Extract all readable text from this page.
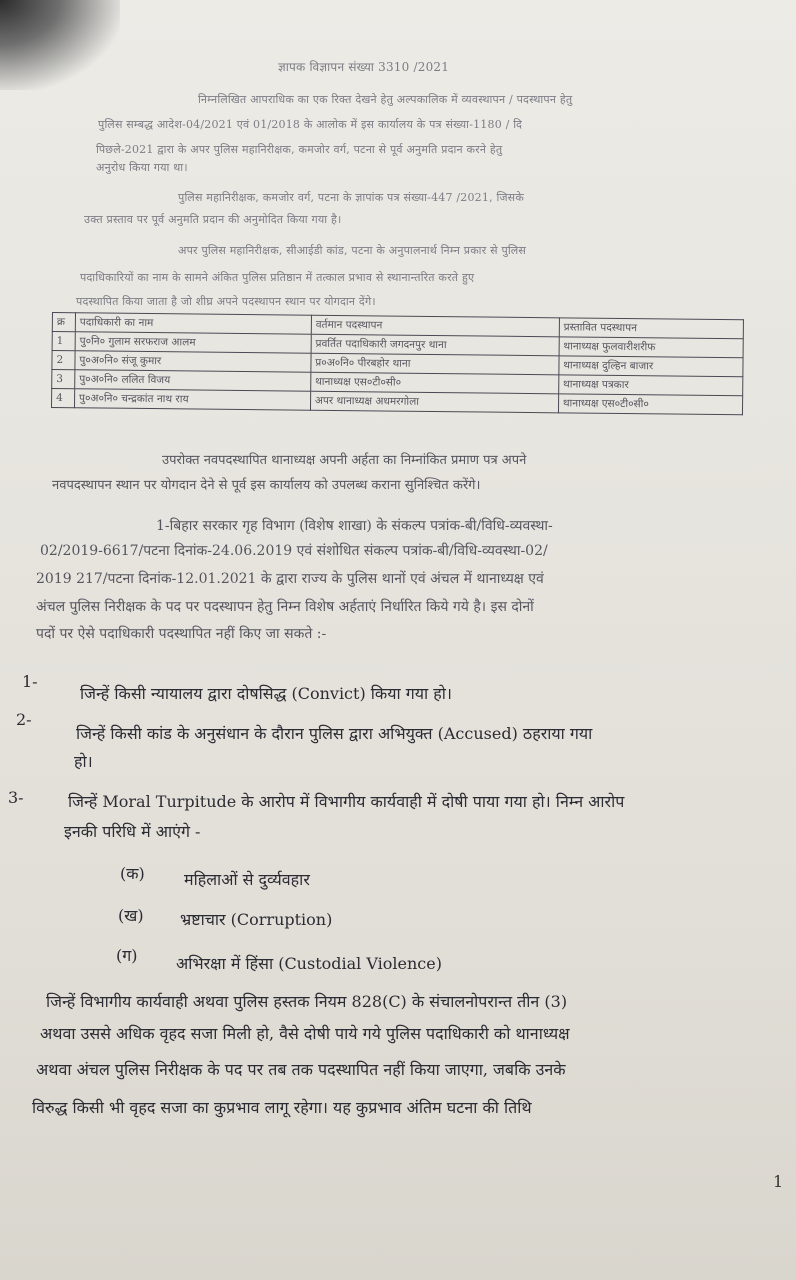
ज्ञापक विज्ञापन संख्या 3310 /2021
निम्नलिखित आपराधिक का एक रिक्त देखने हेतु अल्पकालिक में व्यवस्थापन / पदस्थापन हेतु
पुलिस सम्बद्ध आदेश-04/2021 एवं 01/2018 के आलोक में इस कार्यालय के पत्र संख्या-1180 / दि
पिछले-2021 द्वारा के अपर पुलिस महानिरीक्षक, कमजोर वर्ग, पटना से पूर्व अनुमति प्रदान करने हेतु
अनुरोध किया गया था।
पुलिस महानिरीक्षक, कमजोर वर्ग, पटना के ज्ञापांक पत्र संख्या-447 /2021, जिसके
उक्त प्रस्ताव पर पूर्व अनुमति प्रदान की अनुमोदित किया गया है।
अपर पुलिस महानिरीक्षक, सीआईडी कांड, पटना के अनुपालनार्थ निम्न प्रकार से पुलिस
पदाधिकारियों का नाम के सामने अंकित पुलिस प्रतिष्ठान में तत्काल प्रभाव से स्थानान्तरित करते हुए
पदस्थापित किया जाता है जो शीघ्र अपने पदस्थापन स्थान पर योगदान देंगे।
क्र	पदाधिकारी का नाम	वर्तमान पदस्थापन	प्रस्तावित पदस्थापन
1	पु०नि० गुलाम सरफराज आलम	प्रवर्तित पदाधिकारी जगदनपुर थाना	थानाध्यक्ष फुलवारीशरीफ
2	पु०अ०नि० संजू कुमार	प्र०अ०नि० पीरबहोर थाना	थानाध्यक्ष दुल्हिन बाजार
3	पु०अ०नि० ललित विजय	थानाध्यक्ष एस०टी०सी०	थानाध्यक्ष पत्रकार
4	पु०अ०नि० चन्द्रकांत नाथ राय	अपर थानाध्यक्ष अधमरगोला	थानाध्यक्ष एस०टी०सी०
उपरोक्त नवपदस्थापित थानाध्यक्ष अपनी अर्हता का निम्नांकित प्रमाण पत्र अपने
नवपदस्थापन स्थान पर योगदान देने से पूर्व इस कार्यालय को उपलब्ध कराना सुनिश्चित करेंगे।
1-बिहार सरकार गृह विभाग (विशेष शाखा) के संकल्प पत्रांक-बी/विधि-व्यवस्था-
02/2019-6617/पटना दिनांक-24.06.2019 एवं संशोधित संकल्प पत्रांक-बी/विधि-व्यवस्था-02/
2019 217/पटना दिनांक-12.01.2021 के द्वारा राज्य के पुलिस थानों एवं अंचल में थानाध्यक्ष एवं
अंचल पुलिस निरीक्षक के पद पर पदस्थापन हेतु निम्न विशेष अर्हताएं निर्धारित किये गये है। इस दोनों
पदों पर ऐसे पदाधिकारी पदस्थापित नहीं किए जा सकते :-
1-
जिन्हें किसी न्यायालय द्वारा दोषसिद्ध (Convict) किया गया हो।
2-
जिन्हें किसी कांड के अनुसंधान के दौरान पुलिस द्वारा अभियुक्त (Accused) ठहराया गया
हो।
3-	जिन्हें Moral Turpitude के आरोप में विभागीय कार्यवाही में दोषी पाया गया हो। निम्न आरोप
इनकी परिधि में आएंगे -
(क) महिलाओं से दुर्व्यवहार
(ख) भ्रष्टाचार (Corruption)
(ग) अभिरक्षा में हिंसा (Custodial Violence)
जिन्हें विभागीय कार्यवाही अथवा पुलिस हस्तक नियम 828(C) के संचालनोपरान्त तीन (3)
अथवा उससे अधिक वृहद सजा मिली हो, वैसे दोषी पाये गये पुलिस पदाधिकारी को थानाध्यक्ष
अथवा अंचल पुलिस निरीक्षक के पद पर तब तक पदस्थापित नहीं किया जाएगा, जबकि उनके
विरुद्ध किसी भी वृहद सजा का कुप्रभाव लागू रहेगा। यह कुप्रभाव अंतिम घटना की तिथि
1
